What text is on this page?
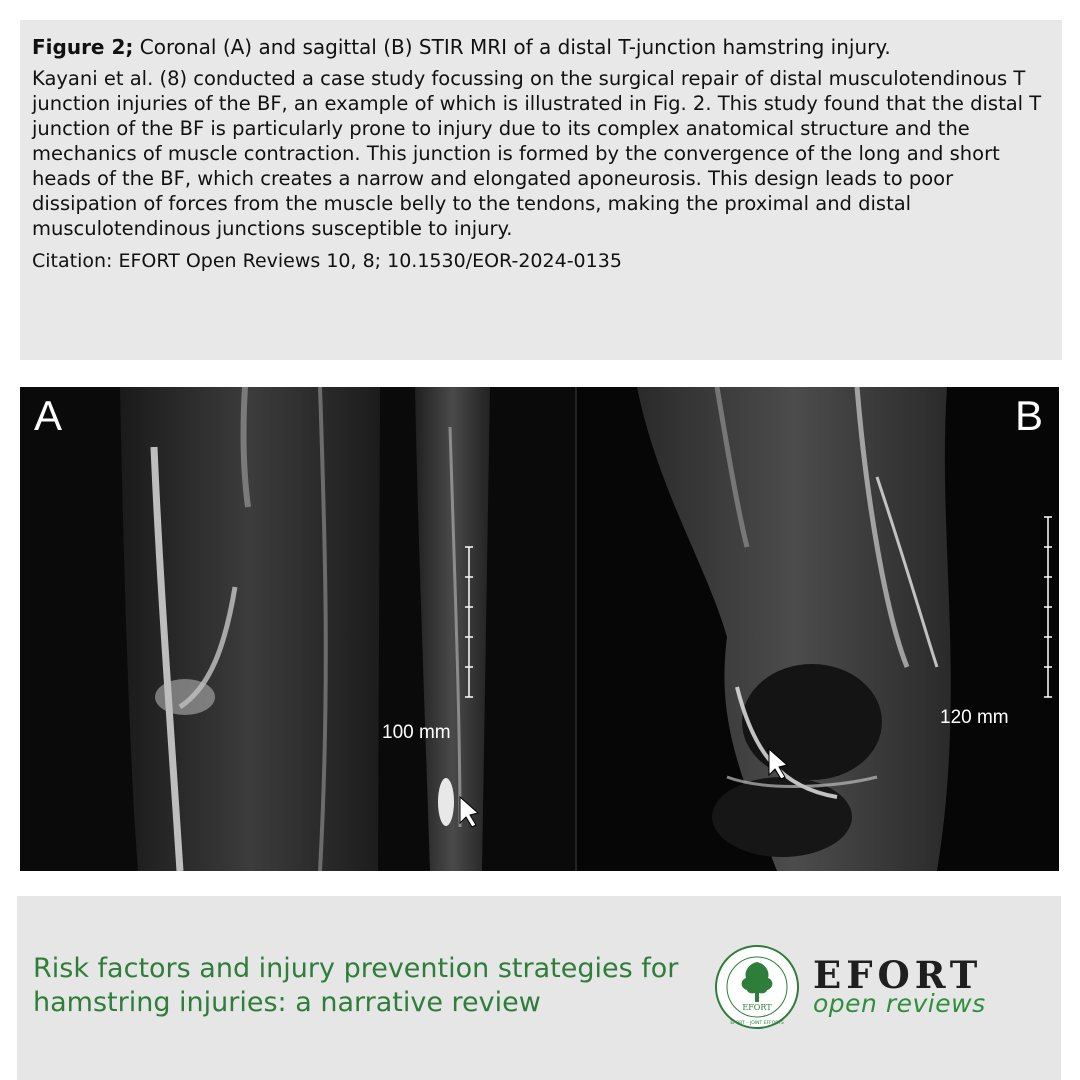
Figure 2; Coronal (A) and sagittal (B) STIR MRI of a distal T-junction hamstring injury.

Kayani et al. (8) conducted a case study focussing on the surgical repair of distal musculotendinous T junction injuries of the BF, an example of which is illustrated in Fig. 2. This study found that the distal T junction of the BF is particularly prone to injury due to its complex anatomical structure and the mechanics of muscle contraction. This junction is formed by the convergence of the long and short heads of the BF, which creates a narrow and elongated aponeurosis. This design leads to poor dissipation of forces from the muscle belly to the tendons, making the proximal and distal musculotendinous junctions susceptible to injury.

Citation: EFORT Open Reviews 10, 8; 10.1530/EOR-2024-0135

A
100 mm
B
120 mm

Risk factors and injury prevention strategies for hamstring injuries: a narrative review	EFORT
EFORT – JOINT EFFORTS
EFORT
open reviews
